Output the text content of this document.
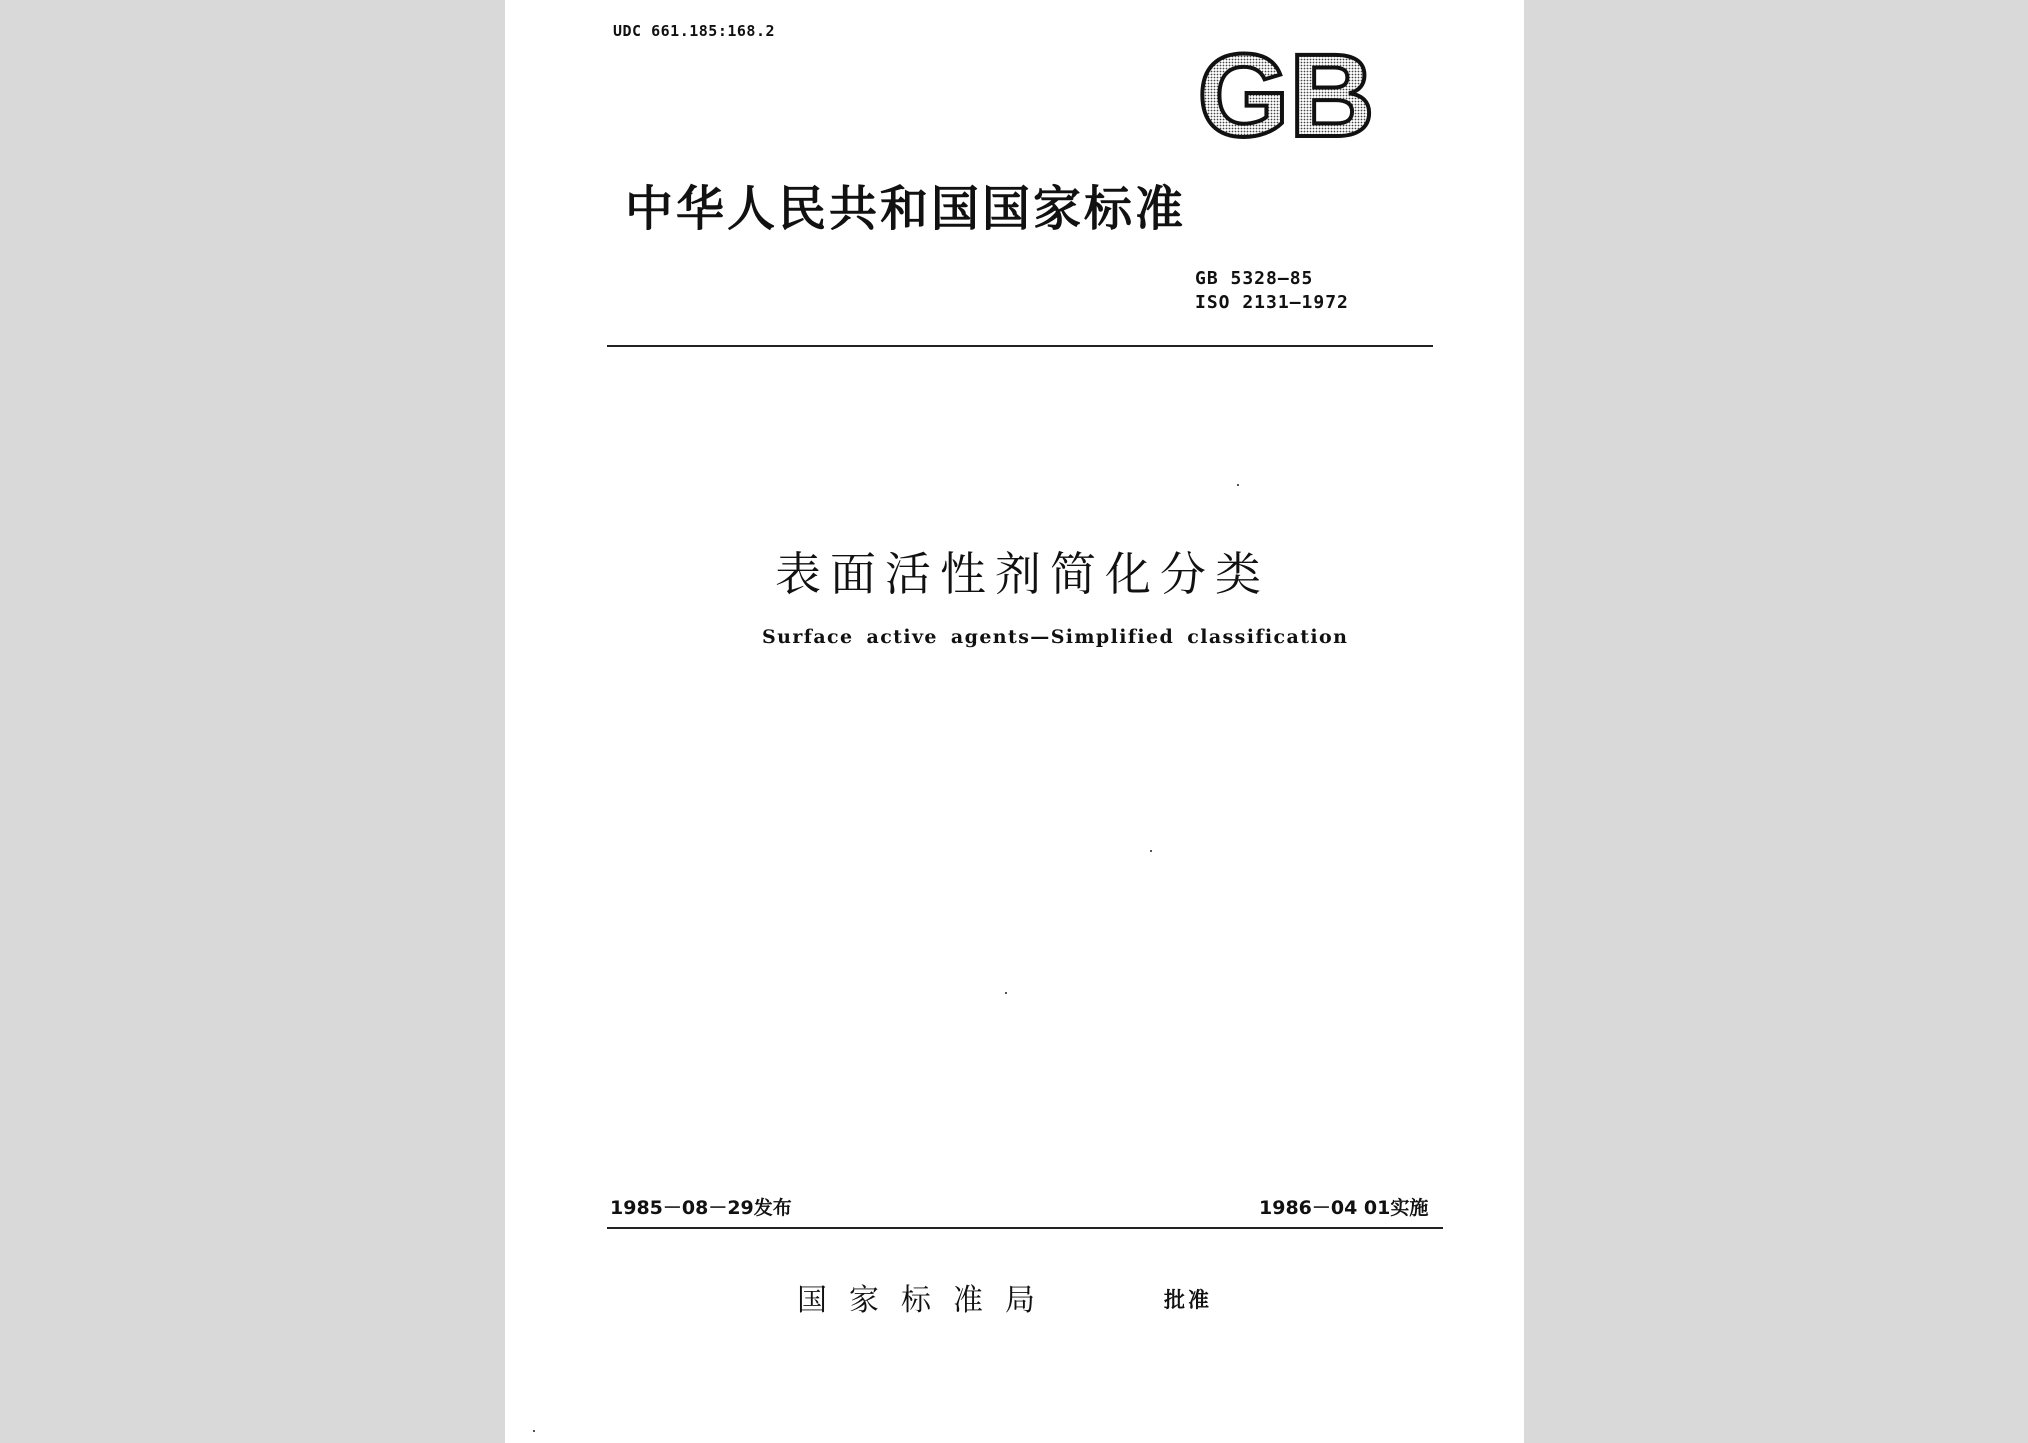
UDC 661.185:168.2	GB
中华人民共和国国家标准
GB 5328—85
ISO 2131—1972
表面活性剂简化分类
Surface active agents—Simplified classification
1985－08－29发布	1986－04 01实施
国家标准局	批准
